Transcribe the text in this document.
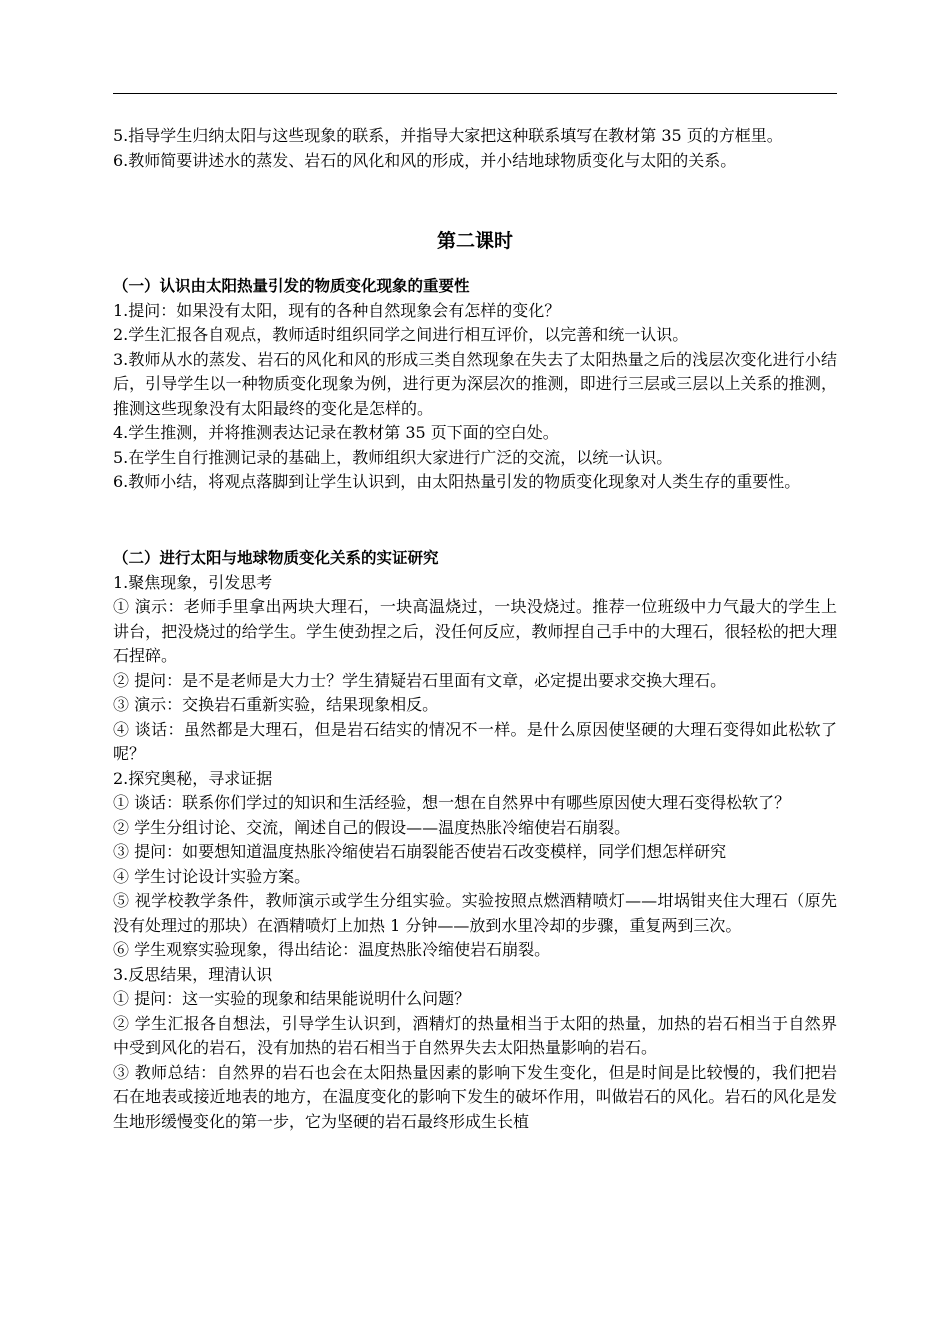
5.指导学生归纳太阳与这些现象的联系，并指导大家把这种联系填写在教材第 35 页的方框里。

6.教师简要讲述水的蒸发、岩石的风化和风的形成，并小结地球物质变化与太阳的关系。

第二课时

（一）认识由太阳热量引发的物质变化现象的重要性

1.提问：如果没有太阳，现有的各种自然现象会有怎样的变化？

2.学生汇报各自观点，教师适时组织同学之间进行相互评价，以完善和统一认识。

3.教师从水的蒸发、岩石的风化和风的形成三类自然现象在失去了太阳热量之后的浅层次变化进行小结后，引导学生以一种物质变化现象为例，进行更为深层次的推测，即进行三层或三层以上关系的推测，推测这些现象没有太阳最终的变化是怎样的。

4.学生推测，并将推测表达记录在教材第 35 页下面的空白处。

5.在学生自行推测记录的基础上，教师组织大家进行广泛的交流，以统一认识。

6.教师小结，将观点落脚到让学生认识到，由太阳热量引发的物质变化现象对人类生存的重要性。

（二）进行太阳与地球物质变化关系的实证研究

1.聚焦现象，引发思考

① 演示：老师手里拿出两块大理石，一块高温烧过，一块没烧过。推荐一位班级中力气最大的学生上讲台，把没烧过的给学生。学生使劲捏之后，没任何反应，教师捏自己手中的大理石，很轻松的把大理石捏碎。

② 提问：是不是老师是大力士？学生猜疑岩石里面有文章，必定提出要求交换大理石。

③ 演示：交换岩石重新实验，结果现象相反。

④ 谈话：虽然都是大理石，但是岩石结实的情况不一样。是什么原因使坚硬的大理石变得如此松软了呢？

2.探究奥秘，寻求证据

① 谈话：联系你们学过的知识和生活经验，想一想在自然界中有哪些原因使大理石变得松软了？

② 学生分组讨论、交流，阐述自己的假设——温度热胀冷缩使岩石崩裂。

③ 提问：如要想知道温度热胀冷缩使岩石崩裂能否使岩石改变模样，同学们想怎样研究

④ 学生讨论设计实验方案。

⑤ 视学校教学条件，教师演示或学生分组实验。实验按照点燃酒精喷灯——坩埚钳夹住大理石（原先没有处理过的那块）在酒精喷灯上加热 1 分钟——放到水里冷却的步骤，重复两到三次。

⑥ 学生观察实验现象，得出结论：温度热胀冷缩使岩石崩裂。

3.反思结果，理清认识

① 提问：这一实验的现象和结果能说明什么问题？

② 学生汇报各自想法，引导学生认识到，酒精灯的热量相当于太阳的热量，加热的岩石相当于自然界中受到风化的岩石，没有加热的岩石相当于自然界失去太阳热量影响的岩石。

③ 教师总结：自然界的岩石也会在太阳热量因素的影响下发生变化，但是时间是比较慢的，我们把岩石在地表或接近地表的地方，在温度变化的影响下发生的破坏作用，叫做岩石的风化。岩石的风化是发生地形缓慢变化的第一步，它为坚硬的岩石最终形成生长植
